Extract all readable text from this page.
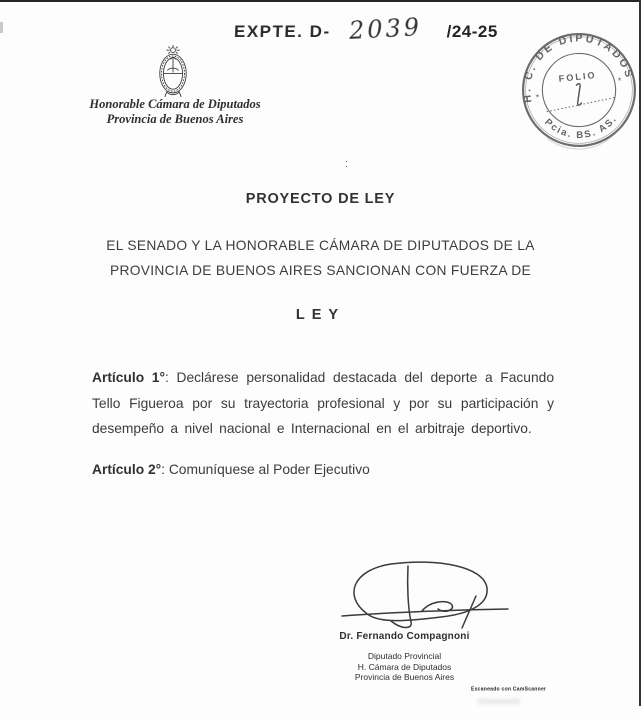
EXPTE. D- 2039 /24-25
Honorable Cámara de Diputados
Provincia de Buenos Aires
H. C. DE DIPUTADOS
Pcia. BS. AS.
FOLIO
*
*
:
PROYECTO DE LEY
EL SENADO Y LA HONORABLE CÁMARA DE DIPUTADOS DE LA
PROVINCIA DE BUENOS AIRES SANCIONAN CON FUERZA DE
LEY
Artículo 1°: Declárese personalidad destacada del deporte a Facundo Tello Figueroa por su trayectoria profesional y por su participación y desempeño a nivel nacional e Internacional en el arbitraje deportivo.
Artículo 2°: Comuníquese al Poder Ejecutivo
Dr. Fernando Compagnoni
Diputado Provincial
H. Cámara de Diputados
Provincia de Buenos Aires
Escaneado con CamScanner
